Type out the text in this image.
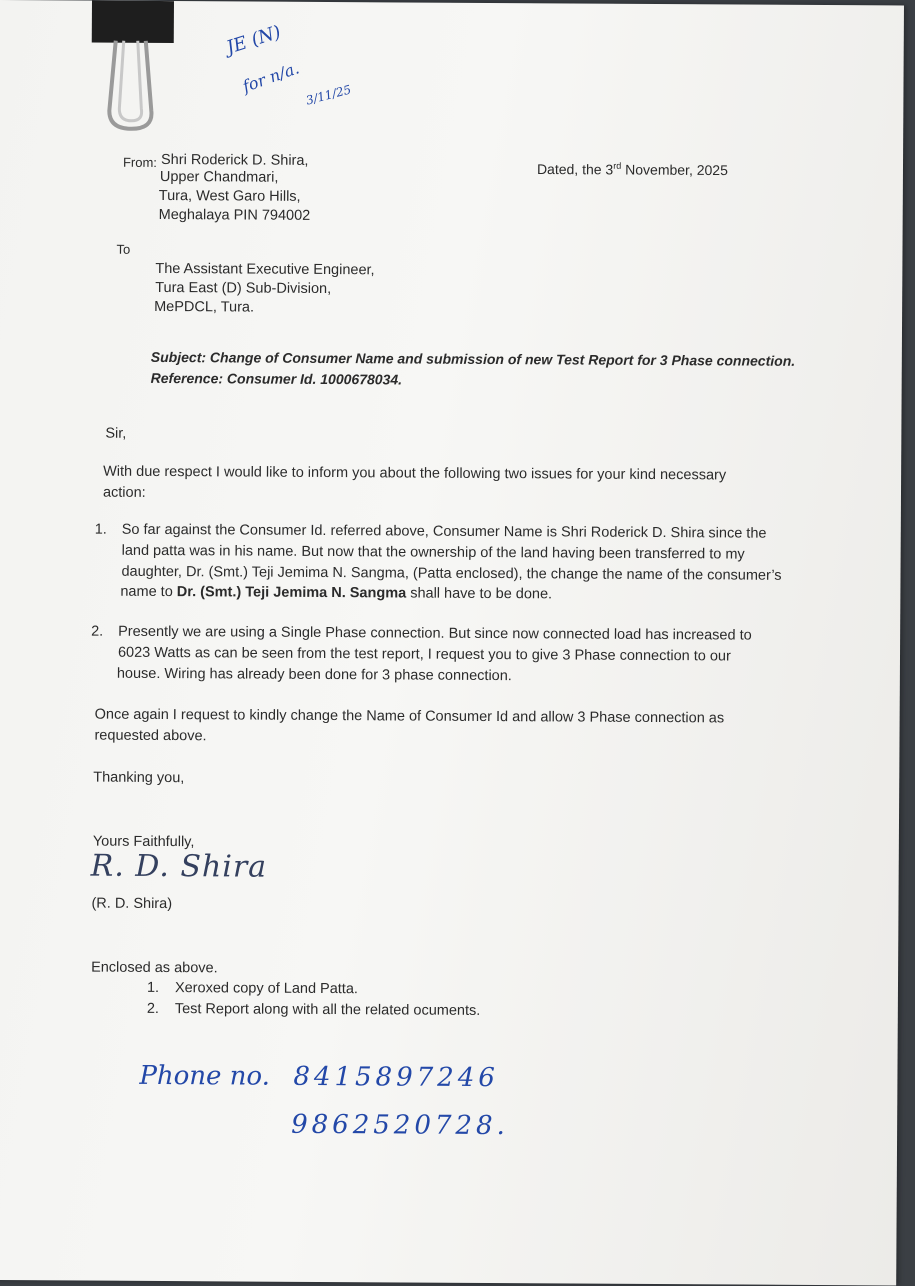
JE (N)
for n/a. 3/11/25
From: Shri Roderick D. Shira,
Upper Chandmari,
Tura, West Garo Hills,
Meghalaya PIN 794002
Dated, the 3rd November, 2025
To
The Assistant Executive Engineer,
Tura East (D) Sub-Division,
MePDCL, Tura.
Subject: Change of Consumer Name and submission of new Test Report for 3 Phase connection.
Reference: Consumer Id. 1000678034.
Sir,
With due respect I would like to inform you about the following two issues for your kind necessary
action:
1. So far against the Consumer Id. referred above, Consumer Name is Shri Roderick D. Shira since the
land patta was in his name. But now that the ownership of the land having been transferred to my
daughter, Dr. (Smt.) Teji Jemima N. Sangma, (Patta enclosed), the change the name of the consumer’s
name to Dr. (Smt.) Teji Jemima N. Sangma shall have to be done.
2. Presently we are using a Single Phase connection. But since now connected load has increased to
6023 Watts as can be seen from the test report, I request you to give 3 Phase connection to our
house. Wiring has already been done for 3 phase connection.
Once again I request to kindly change the Name of Consumer Id and allow 3 Phase connection as
requested above.
Thanking you,
Yours Faithfully,
R. D. Shira
(R. D. Shira)
Enclosed as above.
1. Xeroxed copy of Land Patta.
2. Test Report along with all the related ocuments.
Phone no. 8415897246
9862520728.
